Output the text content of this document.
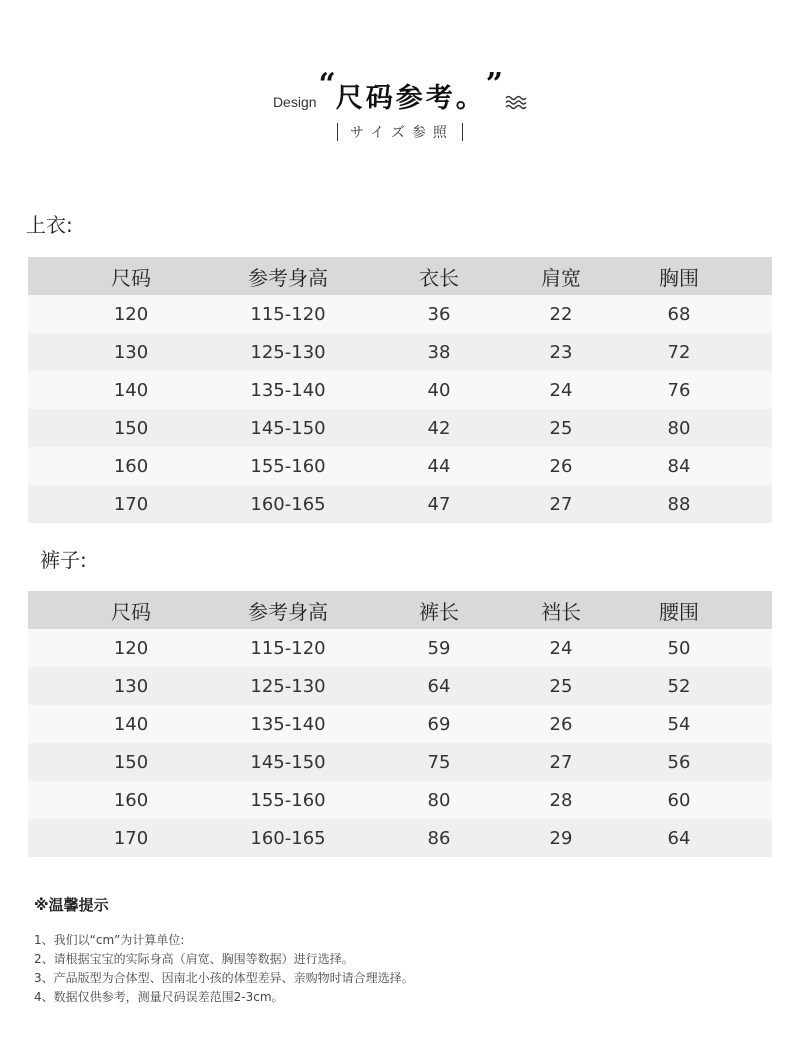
Design “ 尺码参考。 ”
サイズ参照
上衣:
尺码	参考身高	衣长	肩宽	胸围
120	115-120	36	22	68
130	125-130	38	23	72
140	135-140	40	24	76
150	145-150	42	25	80
160	155-160	44	26	84
170	160-165	47	27	88
裤子:
尺码	参考身高	裤长	裆长	腰围
120	115-120	59	24	50
130	125-130	64	25	52
140	135-140	69	26	54
150	145-150	75	27	56
160	155-160	80	28	60
170	160-165	86	29	64
※温馨提示
1、我们以“cm”为计算单位:
2、请根据宝宝的实际身高（肩宽、胸围等数据）进行选择。
3、产品版型为合体型、因南北小孩的体型差异、亲购物时请合理选择。
4、数据仅供参考，测量尺码误差范围2-3cm。
